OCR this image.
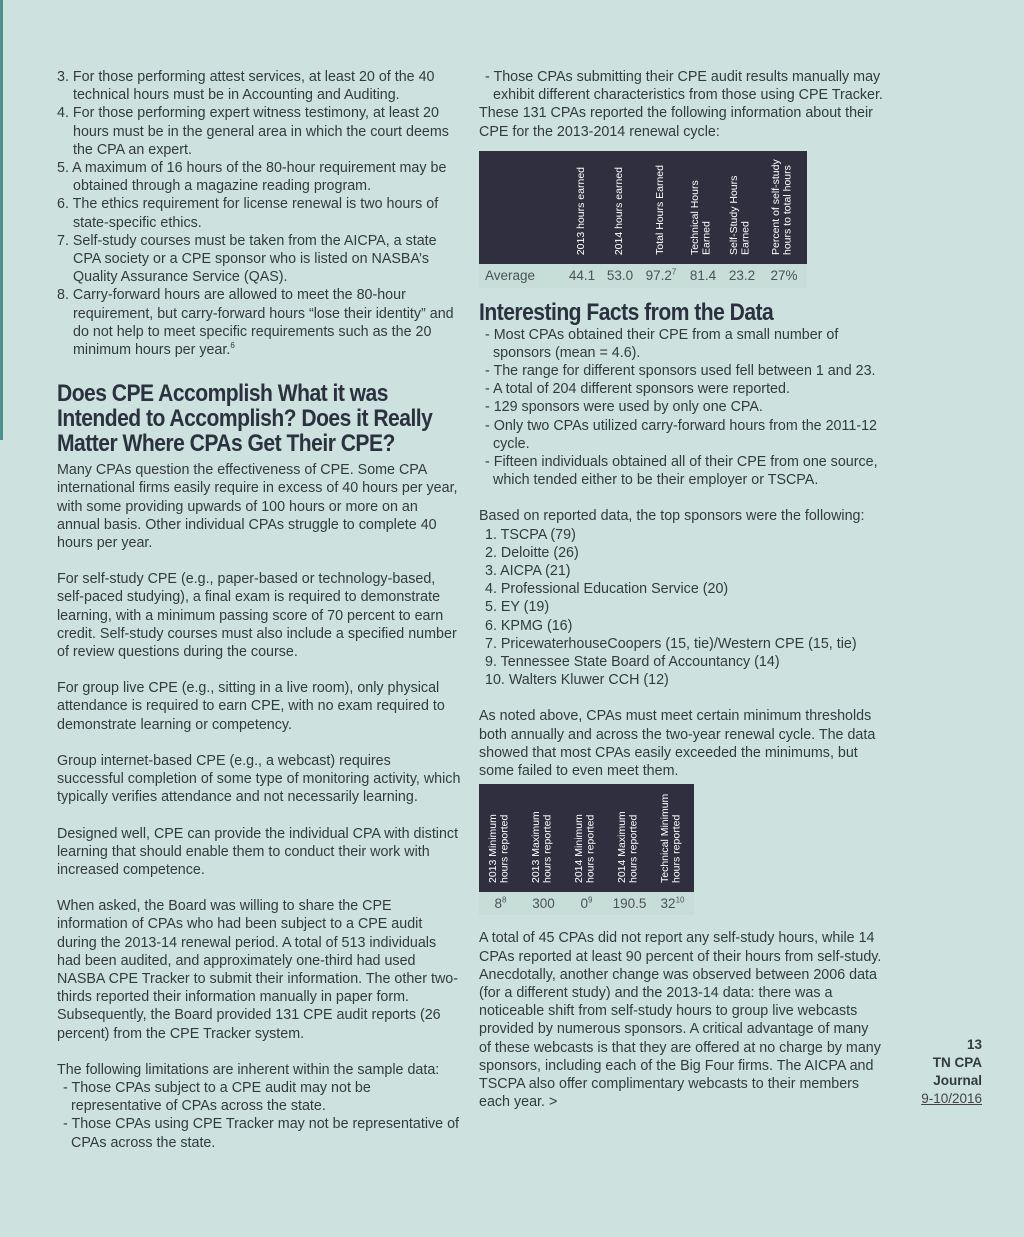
3. For those performing attest services, at least 20 of the 40 technical hours must be in Accounting and Auditing.

4. For those performing expert witness testimony, at least 20 hours must be in the general area in which the court deems the CPA an expert.

5. A maximum of 16 hours of the 80-hour requirement may be obtained through a magazine reading program.

6. The ethics requirement for license renewal is two hours of state-specific ethics.

7. Self-study courses must be taken from the AICPA, a state CPA society or a CPE sponsor who is listed on NASBA’s Quality Assurance Service (QAS).

8. Carry-forward hours are allowed to meet the 80-hour requirement, but carry-forward hours “lose their identity” and do not help to meet specific requirements such as the 20 minimum hours per year.$^6$

Does CPE Accomplish What it was Intended to Accomplish? Does it Really Matter Where CPAs Get Their CPE?

Many CPAs question the effectiveness of CPE. Some CPA international firms easily require in excess of 40 hours per year, with some providing upwards of 100 hours or more on an annual basis. Other individual CPAs struggle to complete 40 hours per year.

For self-study CPE (e.g., paper-based or technology-based, self-paced studying), a final exam is required to demonstrate learning, with a minimum passing score of 70 percent to earn credit. Self-study courses must also include a specified number of review questions during the course.

For group live CPE (e.g., sitting in a live room), only physical attendance is required to earn CPE, with no exam required to demonstrate learning or competency.

Group internet-based CPE (e.g., a webcast) requires successful completion of some type of monitoring activity, which typically verifies attendance and not necessarily learning.

Designed well, CPE can provide the individual CPA with distinct learning that should enable them to conduct their work with increased competence.

When asked, the Board was willing to share the CPE information of CPAs who had been subject to a CPE audit during the 2013-14 renewal period. A total of 513 individuals had been audited, and approximately one-third had used NASBA CPE Tracker to submit their information. The other two-thirds reported their information manually in paper form. Subsequently, the Board provided 131 CPE audit reports (26 percent) from the CPE Tracker system.

The following limitations are inherent within the sample data:

- Those CPAs subject to a CPE audit may not be representative of CPAs across the state.

- Those CPAs using CPE Tracker may not be representative of CPAs across the state.

- Those CPAs submitting their CPE audit results manually may exhibit different characteristics from those using CPE Tracker.

These 131 CPAs reported the following information about their CPE for the 2013-2014 renewal cycle:

	2013 hours earned	2014 hours earned	Total Hours Earned	Technical Hours Earned	Self-Study Hours Earned	Percent of self-study hours to total hours
Average	44.1	53.0	97.2$^7$	81.4	23.2	27%
Interesting Facts from the Data

- Most CPAs obtained their CPE from a small number of sponsors (mean = 4.6).

- The range for different sponsors used fell between 1 and 23.

- A total of 204 different sponsors were reported.

- 129 sponsors were used by only one CPA.

- Only two CPAs utilized carry-forward hours from the 2011-12 cycle.

- Fifteen individuals obtained all of their CPE from one source, which tended either to be their employer or TSCPA.

Based on reported data, the top sponsors were the following:

1. TSCPA (79)

2. Deloitte (26)

3. AICPA (21)

4. Professional Education Service (20)

5. EY (19)

6. KPMG (16)

7. PricewaterhouseCoopers (15, tie)/Western CPE (15, tie)

9. Tennessee State Board of Accountancy (14)

10. Walters Kluwer CCH (12)

As noted above, CPAs must meet certain minimum thresholds both annually and across the two-year renewal cycle. The data showed that most CPAs easily exceeded the minimums, but some failed to even meet them.

2013 Minimum hours reported	2013 Maximum hours reported	2014 Minimum hours reported	2014 Maximum hours reported	Technical Minimum hours reported
$8^8$	300	$0^9$	190.5	$32^{10}$

A total of 45 CPAs did not report any self-study hours, while 14 CPAs reported at least 90 percent of their hours from self-study. Anecdotally, another change was observed between 2006 data (for a different study) and the 2013-14 data: there was a noticeable shift from self-study hours to group live webcasts provided by numerous sponsors. A critical advantage of many of these webcasts is that they are offered at no charge by many sponsors, including each of the Big Four firms. The AICPA and TSCPA also offer complimentary webcasts to their members each year. >

13
TN CPA Journal
9-10/2016
